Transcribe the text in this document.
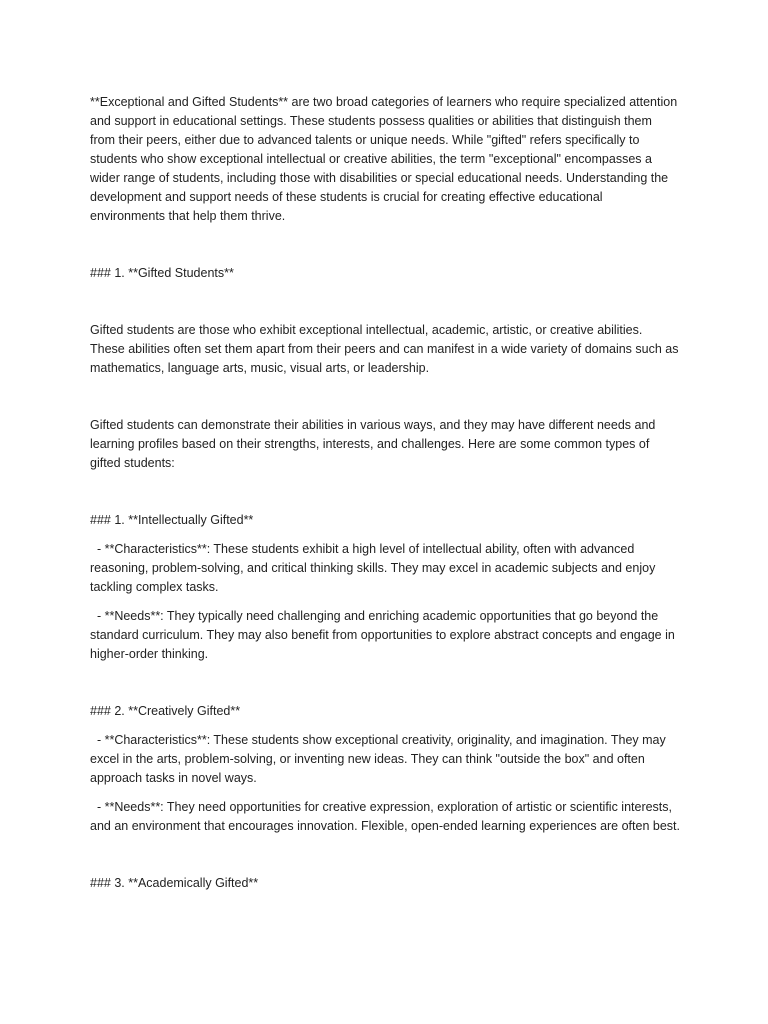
**Exceptional and Gifted Students** are two broad categories of learners who require specialized attention and support in educational settings. These students possess qualities or abilities that distinguish them from their peers, either due to advanced talents or unique needs. While "gifted" refers specifically to students who show exceptional intellectual or creative abilities, the term "exceptional" encompasses a wider range of students, including those with disabilities or special educational needs. Understanding the development and support needs of these students is crucial for creating effective educational environments that help them thrive.

### 1. **Gifted Students**

Gifted students are those who exhibit exceptional intellectual, academic, artistic, or creative abilities. These abilities often set them apart from their peers and can manifest in a wide variety of domains such as mathematics, language arts, music, visual arts, or leadership.

Gifted students can demonstrate their abilities in various ways, and they may have different needs and learning profiles based on their strengths, interests, and challenges. Here are some common types of gifted students:

### 1. **Intellectually Gifted**

- **Characteristics**: These students exhibit a high level of intellectual ability, often with advanced reasoning, problem-solving, and critical thinking skills. They may excel in academic subjects and enjoy tackling complex tasks.

- **Needs**: They typically need challenging and enriching academic opportunities that go beyond the standard curriculum. They may also benefit from opportunities to explore abstract concepts and engage in higher-order thinking.

### 2. **Creatively Gifted**

- **Characteristics**: These students show exceptional creativity, originality, and imagination. They may excel in the arts, problem-solving, or inventing new ideas. They can think "outside the box" and often approach tasks in novel ways.

- **Needs**: They need opportunities for creative expression, exploration of artistic or scientific interests, and an environment that encourages innovation. Flexible, open-ended learning experiences are often best.

### 3. **Academically Gifted**
